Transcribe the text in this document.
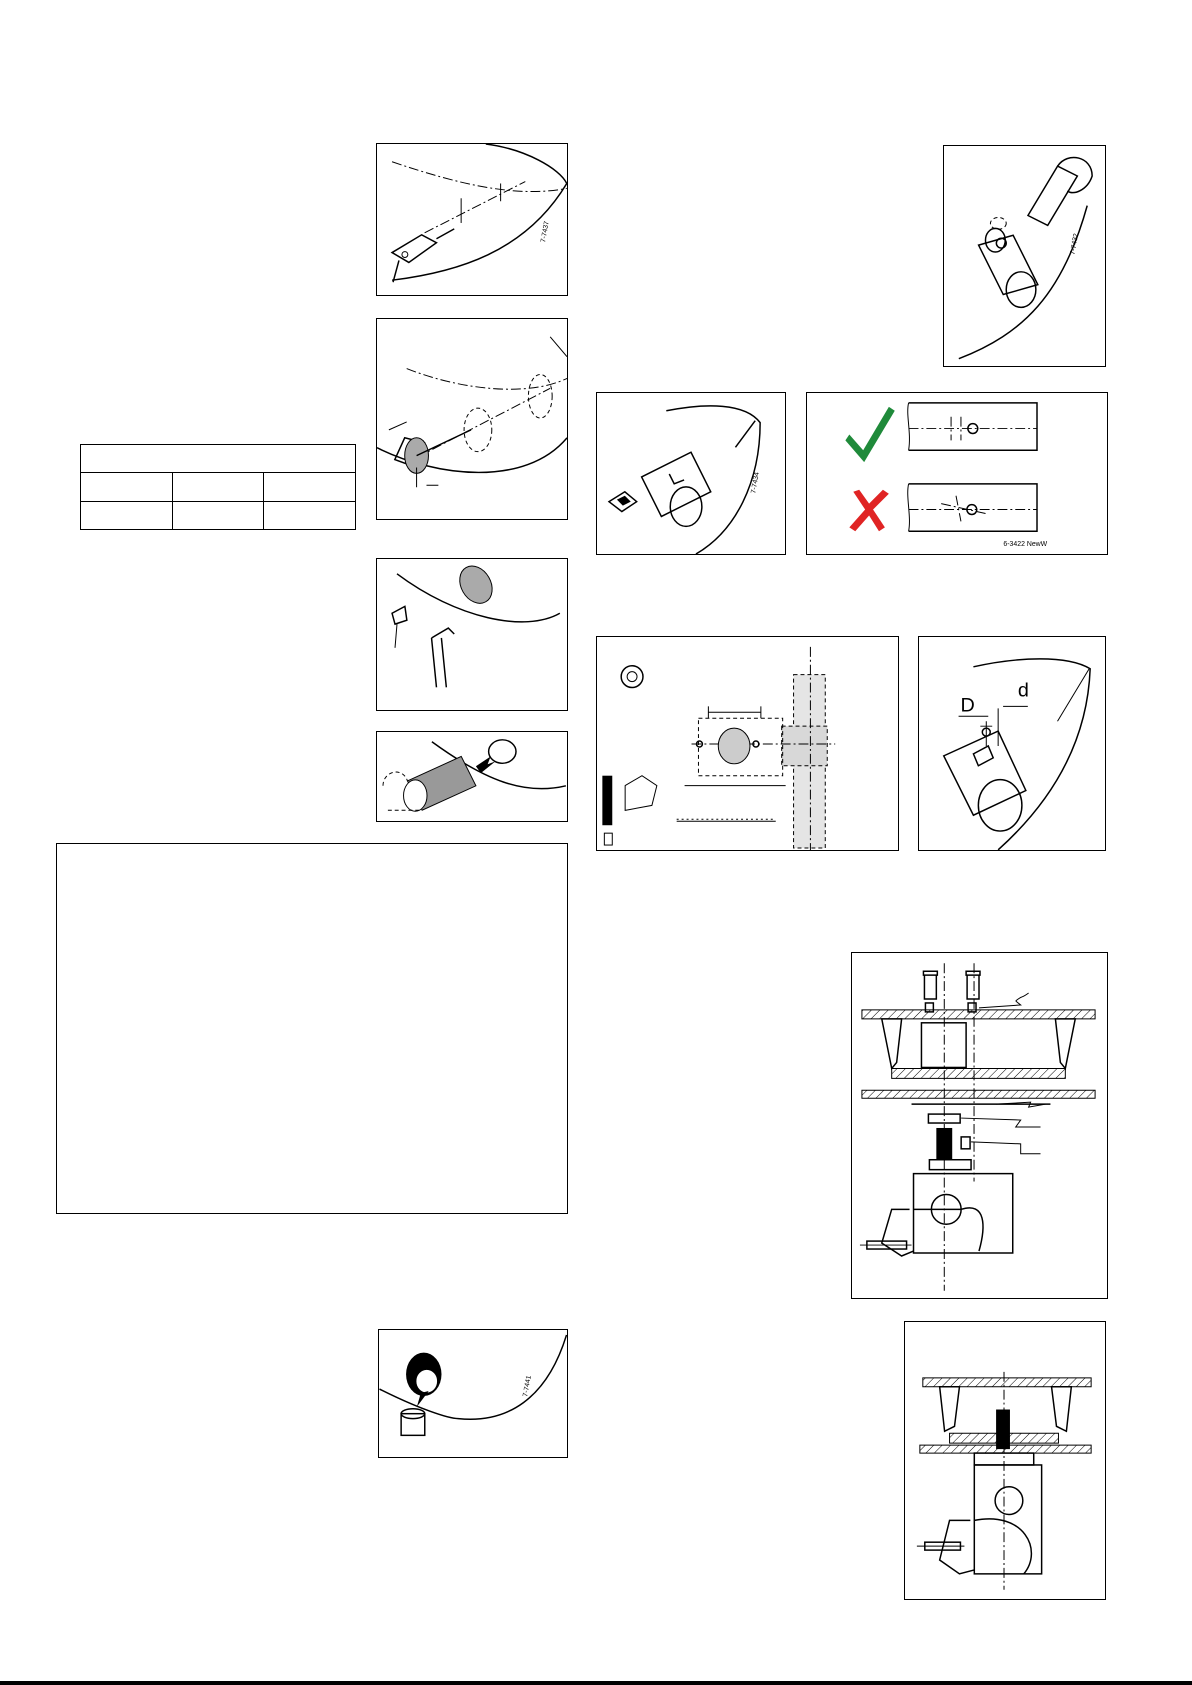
7-7437

7-7441
7-7432
7-7434
6-3422 NewW
D
d
